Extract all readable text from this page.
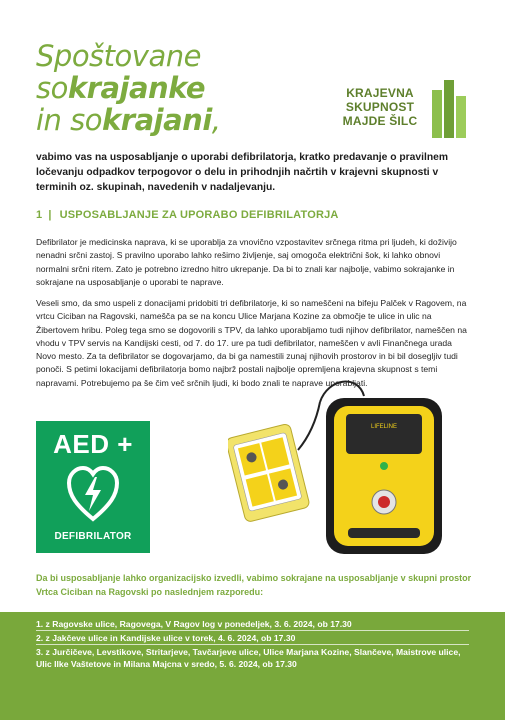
Spoštovane
sokrajanke
in sokrajani,
KRAJEVNA
SKUPNOST
MAJDE ŠILC
vabimo vas na usposabljanje o uporabi defibrilatorja, kratko predavanje o pravilnem ločevanju odpadkov terpogovor o delu in prihodnjih načrtih v krajevni skupnosti v terminih oz. skupinah, navedenih v nadaljevanju.
1 | USPOSABLJANJE ZA UPORABO DEFIBRILATORJA
Defibrilator je medicinska naprava, ki se uporablja za vnovično vzpostavitev srčnega ritma pri ljudeh, ki doživijo nenadni srčni zastoj. S pravilno uporabo lahko rešimo življenje, saj omogoča električni šok, ki lahko obnovi normalni srčni ritem. Zato je potrebno izredno hitro ukrepanje. Da bi to znali kar najbolje, vabimo sokrajanke in sokrajane na usposabljanje o uporabi te naprave.
Veseli smo, da smo uspeli z donacijami pridobiti tri defibrilatorje, ki so nameščeni na bifeju Palček v Ragovem, na vrtcu Ciciban na Ragovski, nameščа pa se na koncu Ulice Marjana Kozine za območje te ulice in ulic na Žibertovem hribu. Poleg tega smo se dogovorili s TPV, da lahko uporabljamo tudi njihov defibrilator, nameščen na vhodu v TPV servis na Kandijski cesti, od 7. do 17. ure pa tudi defibrilator, nameščen v avli Finančnega urada Novo mesto. Za ta defibrilator se dogovarjamo, da bi ga namestili zunaj njihovih prostorov in bi bil dosegljiv tudi ponoči. S petimi lokacijami defibrilatorja bomo najbrž postali najbolje opremljena krajevna skupnost s temi napravami. Potrebujemo pa še čim več srčnih ljudi, ki bodo znali te naprave uporabljati.
AED +
DEFIBRILATOR
LIFELINE
Da bi usposabljanje lahko organizacijsko izvedli, vabimo sokrajane na usposabljanje v skupni prostor Vrtca Ciciban na Ragovski po naslednjem razporedu:
1. z Ragovske ulice, Ragovega, V Ragov log v ponedeljek, 3. 6. 2024, ob 17.30
2. z Jakčeve ulice in Kandijske ulice v torek, 4. 6. 2024, ob 17.30
3. z Jurčičeve, Levstikove, Stritarjeve, Tavčarjeve ulice, Ulice Marjana Kozine, Slančeve, Maistrove ulice, Ulic Ilke Vaštetove in Milana Majcna v sredo, 5. 6. 2024, ob 17.30
